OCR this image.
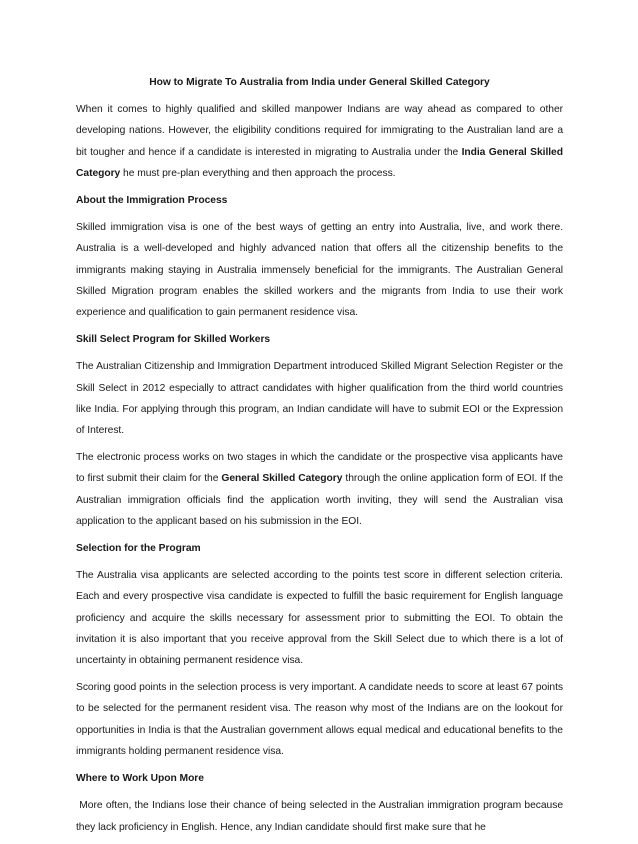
How to Migrate To Australia from India under General Skilled Category

When it comes to highly qualified and skilled manpower Indians are way ahead as compared to other developing nations. However, the eligibility conditions required for immigrating to the Australian land are a bit tougher and hence if a candidate is interested in migrating to Australia under the India General Skilled Category he must pre-plan everything and then approach the process.

About the Immigration Process

Skilled immigration visa is one of the best ways of getting an entry into Australia, live, and work there. Australia is a well-developed and highly advanced nation that offers all the citizenship benefits to the immigrants making staying in Australia immensely beneficial for the immigrants. The Australian General Skilled Migration program enables the skilled workers and the migrants from India to use their work experience and qualification to gain permanent residence visa.

Skill Select Program for Skilled Workers

The Australian Citizenship and Immigration Department introduced Skilled Migrant Selection Register or the Skill Select in 2012 especially to attract candidates with higher qualification from the third world countries like India. For applying through this program, an Indian candidate will have to submit EOI or the Expression of Interest.

The electronic process works on two stages in which the candidate or the prospective visa applicants have to first submit their claim for the General Skilled Category through the online application form of EOI. If the Australian immigration officials find the application worth inviting, they will send the Australian visa application to the applicant based on his submission in the EOI.

Selection for the Program

The Australia visa applicants are selected according to the points test score in different selection criteria. Each and every prospective visa candidate is expected to fulfill the basic requirement for English language proficiency and acquire the skills necessary for assessment prior to submitting the EOI. To obtain the invitation it is also important that you receive approval from the Skill Select due to which there is a lot of uncertainty in obtaining permanent residence visa.

Scoring good points in the selection process is very important. A candidate needs to score at least 67 points to be selected for the permanent resident visa. The reason why most of the Indians are on the lookout for opportunities in India is that the Australian government allows equal medical and educational benefits to the immigrants holding permanent residence visa.

Where to Work Upon More

More often, the Indians lose their chance of being selected in the Australian immigration program because they lack proficiency in English. Hence, any Indian candidate should first make sure that he
